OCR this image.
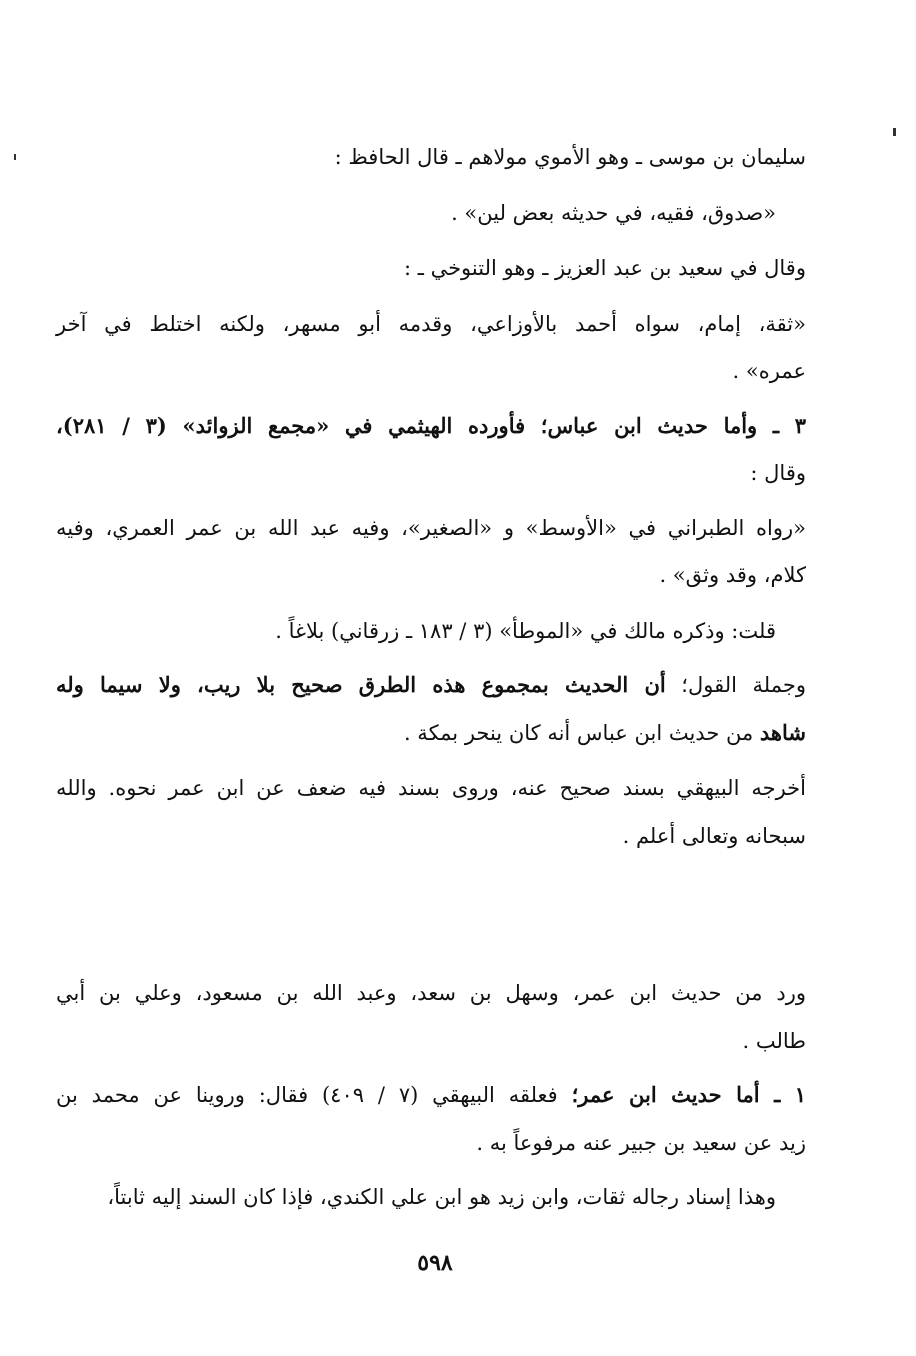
سليمان بن موسى ـ وهو الأموي مولاهم ـ قال الحافظ :
«صدوق، فقيه، في حديثه بعض لين» .
وقال في سعيد بن عبد العزيز ـ وهو التنوخي ـ :
«ثقة، إمام، سواه أحمد بالأوزاعي، وقدمه أبو مسهر، ولكنه اختلط في آخر
عمره» .
٣ ـ وأما حديث ابن عباس؛ فأورده الهيثمي في «مجمع الزوائد» (٣ / ٢٨١)،
وقال :
«رواه الطبراني في «الأوسط» و «الصغير»، وفيه عبد الله بن عمر العمري، وفيه
كلام، وقد وثق» .
قلت: وذكره مالك في «الموطأ» (٣ / ١٨٣ ـ زرقاني) بلاغاً .
وجملة القول؛ أن الحديث بمجموع هذه الطرق صحيح بلا ريب، ولا سيما وله
شاهد من حديث ابن عباس أنه كان ينحر بمكة .
أخرجه البيهقي بسند صحيح عنه، وروى بسند فيه ضعف عن ابن عمر نحوه. والله
سبحانه وتعالى أعلم .
ورد من حديث ابن عمر، وسهل بن سعد، وعبد الله بن مسعود، وعلي بن أبي
طالب .
١ ـ أما حديث ابن عمر؛ فعلقه البيهقي (٧ / ٤٠٩) فقال: وروينا عن محمد بن
زيد عن سعيد بن جبير عنه مرفوعاً به .
وهذا إسناد رجاله ثقات، وابن زيد هو ابن علي الكندي، فإذا كان السند إليه ثابتاً،
٥٩٨
